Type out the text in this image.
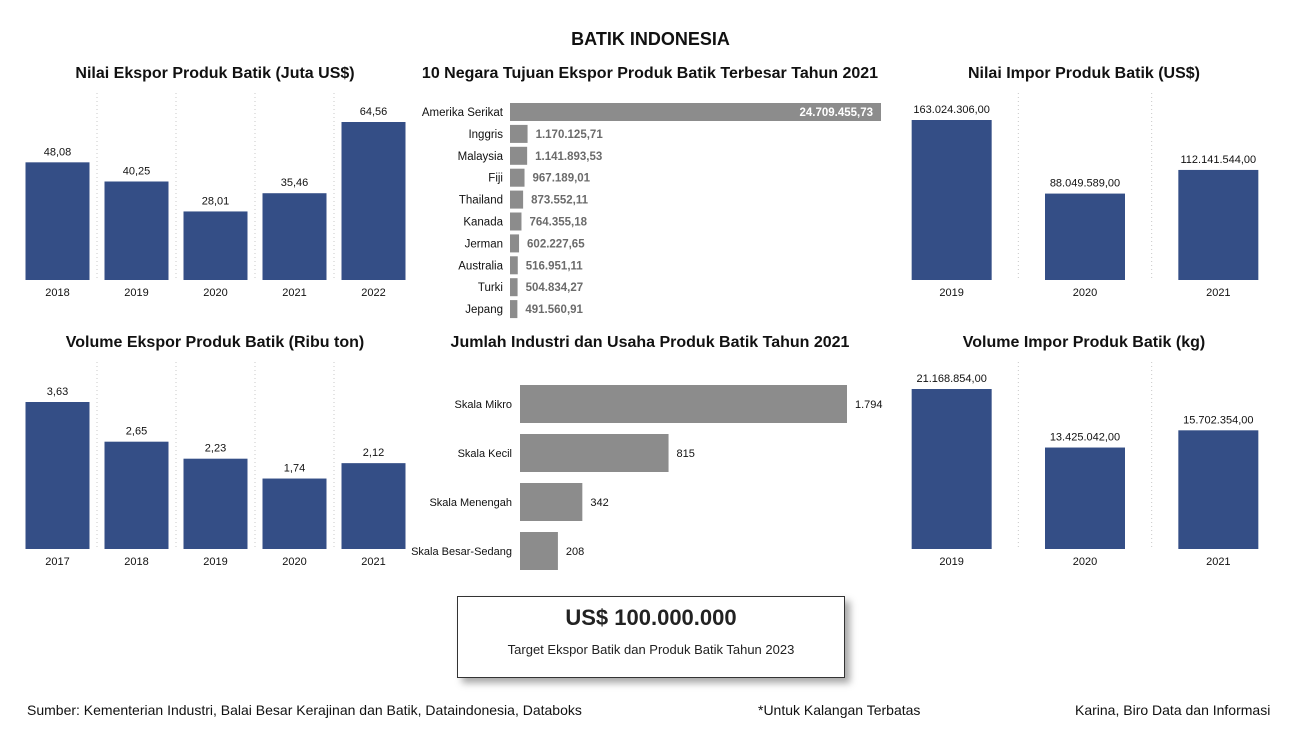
BATIK INDONESIA
Nilai Ekspor Produk Batik (Juta US$)	10 Negara Tujuan Ekspor Produk Batik Terbesar Tahun 2021	Nilai Impor Produk Batik (US$)
Volume Ekspor Produk Batik (Ribu ton)	Jumlah Industri dan Usaha Produk Batik Tahun 2021	Volume Impor Produk Batik (kg)
48,08
2018
40,25
2019
28,01
2020
35,46
2021
64,56
2022
Amerika Serikat	24.709.455,73
Inggris	1.170.125,71
Malaysia	1.141.893,53
Fiji	967.189,01
Thailand 873.552,11
Kanada 764.355,18
Jerman 602.227,65
Australia 516.951,11
Turki 504.834,27
Jepang 491.560,91
163.024.306,00
2019
88.049.589,00
2020
112.141.544,00
2021
3,63
2017
2,65
2018
2,23
2019
1,74
2020
2,12
2021
Skala Mikro	1.794
Skala Kecil	815
Skala Menengah	342
Skala Besar-Sedang	208
21.168.854,00
2019
13.425.042,00
2020
15.702.354,00
2021
US$ 100.000.000
Target Ekspor Batik dan Produk Batik Tahun 2023
Sumber: Kementerian Industri, Balai Besar Kerajinan dan Batik, Dataindonesia, Databoks	*Untuk Kalangan Terbatas	Karina, Biro Data dan Informasi
